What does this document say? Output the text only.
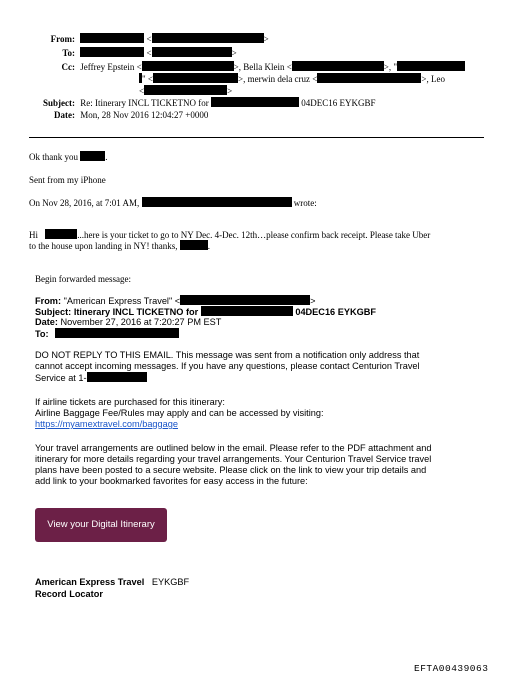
From:	<	>
To:	<	>
Cc: Jeffrey Epstein <	>, Bella Klein <	>, "
" <	>, merwin dela cruz <	>, Leo
<	>
Subject: Re: Itinerary INCL TICKETNO for	04DEC16 EYKGBF
Date: Mon, 28 Nov 2016 12:04:27 +0000
Ok thank you	.
Sent from my iPhone
On Nov 28, 2016, at 7:01 AM,	wrote:
Hi	...here is your ticket to go to NY Dec. 4-Dec. 12th…please confirm back receipt. Please take Uber
to the house upon landing in NY! thanks,	.
Begin forwarded message:
From: "American Express Travel" <	>
Subject: Itinerary INCL TICKETNO for	04DEC16 EYKGBF
Date: November 27, 2016 at 7:20:27 PM EST
To:
DO NOT REPLY TO THIS EMAIL. This message was sent from a notification only address that
cannot accept incoming messages. If you have any questions, please contact Centurion Travel
Service at 1-
If airline tickets are purchased for this itinerary:
Airline Baggage Fee/Rules may apply and can be accessed by visiting:
https://myamextravel.com/baggage
Your travel arrangements are outlined below in the email. Please refer to the PDF attachment and
itinerary for more details regarding your travel arrangements. Your Centurion Travel Service travel
plans have been posted to a secure website. Please click on the link to view your trip details and
add link to your bookmarked favorites for easy access in the future:
View your Digital Itinerary
American Express Travel EYKGBF
Record Locator
EFTA00439063
